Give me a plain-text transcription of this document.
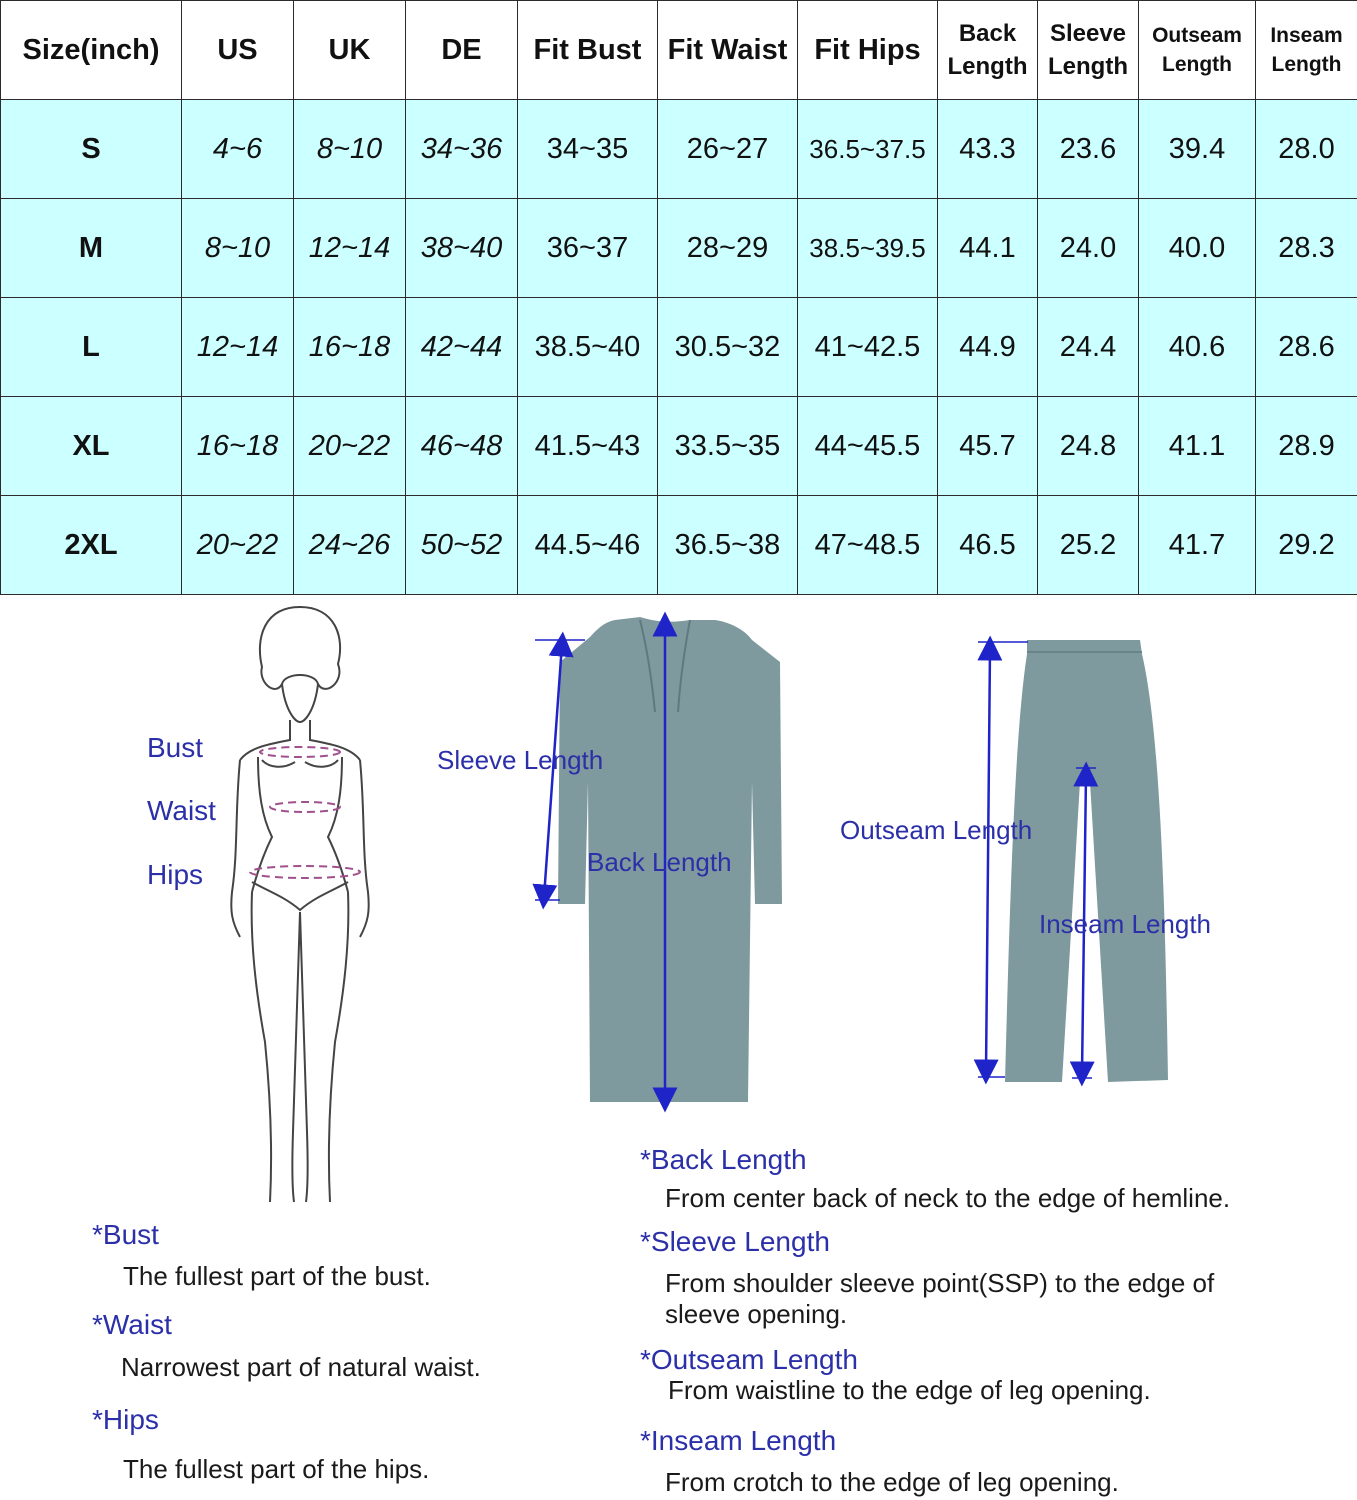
Size(inch)	US	UK	DE	Fit Bust	Fit Waist	Fit Hips	Back Length	Sleeve Length	Outseam Length	Inseam Length
S	4~6	8~10	34~36	34~35	26~27	36.5~37.5	43.3	23.6	39.4	28.0
M	8~10	12~14	38~40	36~37	28~29	38.5~39.5	44.1	24.0	40.0	28.3
L	12~14	16~18	42~44	38.5~40	30.5~32	41~42.5	44.9	24.4	40.6	28.6
XL	16~18	20~22	46~48	41.5~43	33.5~35	44~45.5	45.7	24.8	41.1	28.9
2XL	20~22	24~26	50~52	44.5~46	36.5~38	47~48.5	46.5	25.2	41.7	29.2
Bust
Waist
Hips
Sleeve Length
Back Length
Outseam Length
Inseam Length
*Bust
The fullest part of the bust.
*Waist
Narrowest part of natural waist.
*Hips
The fullest part of the hips.
*Back Length
From center back of neck to the edge of hemline.
*Sleeve Length
From shoulder sleeve point(SSP) to the edge of sleeve opening.
*Outseam Length
From waistline to the edge of leg opening.
*Inseam Length
From crotch to the edge of leg opening.
